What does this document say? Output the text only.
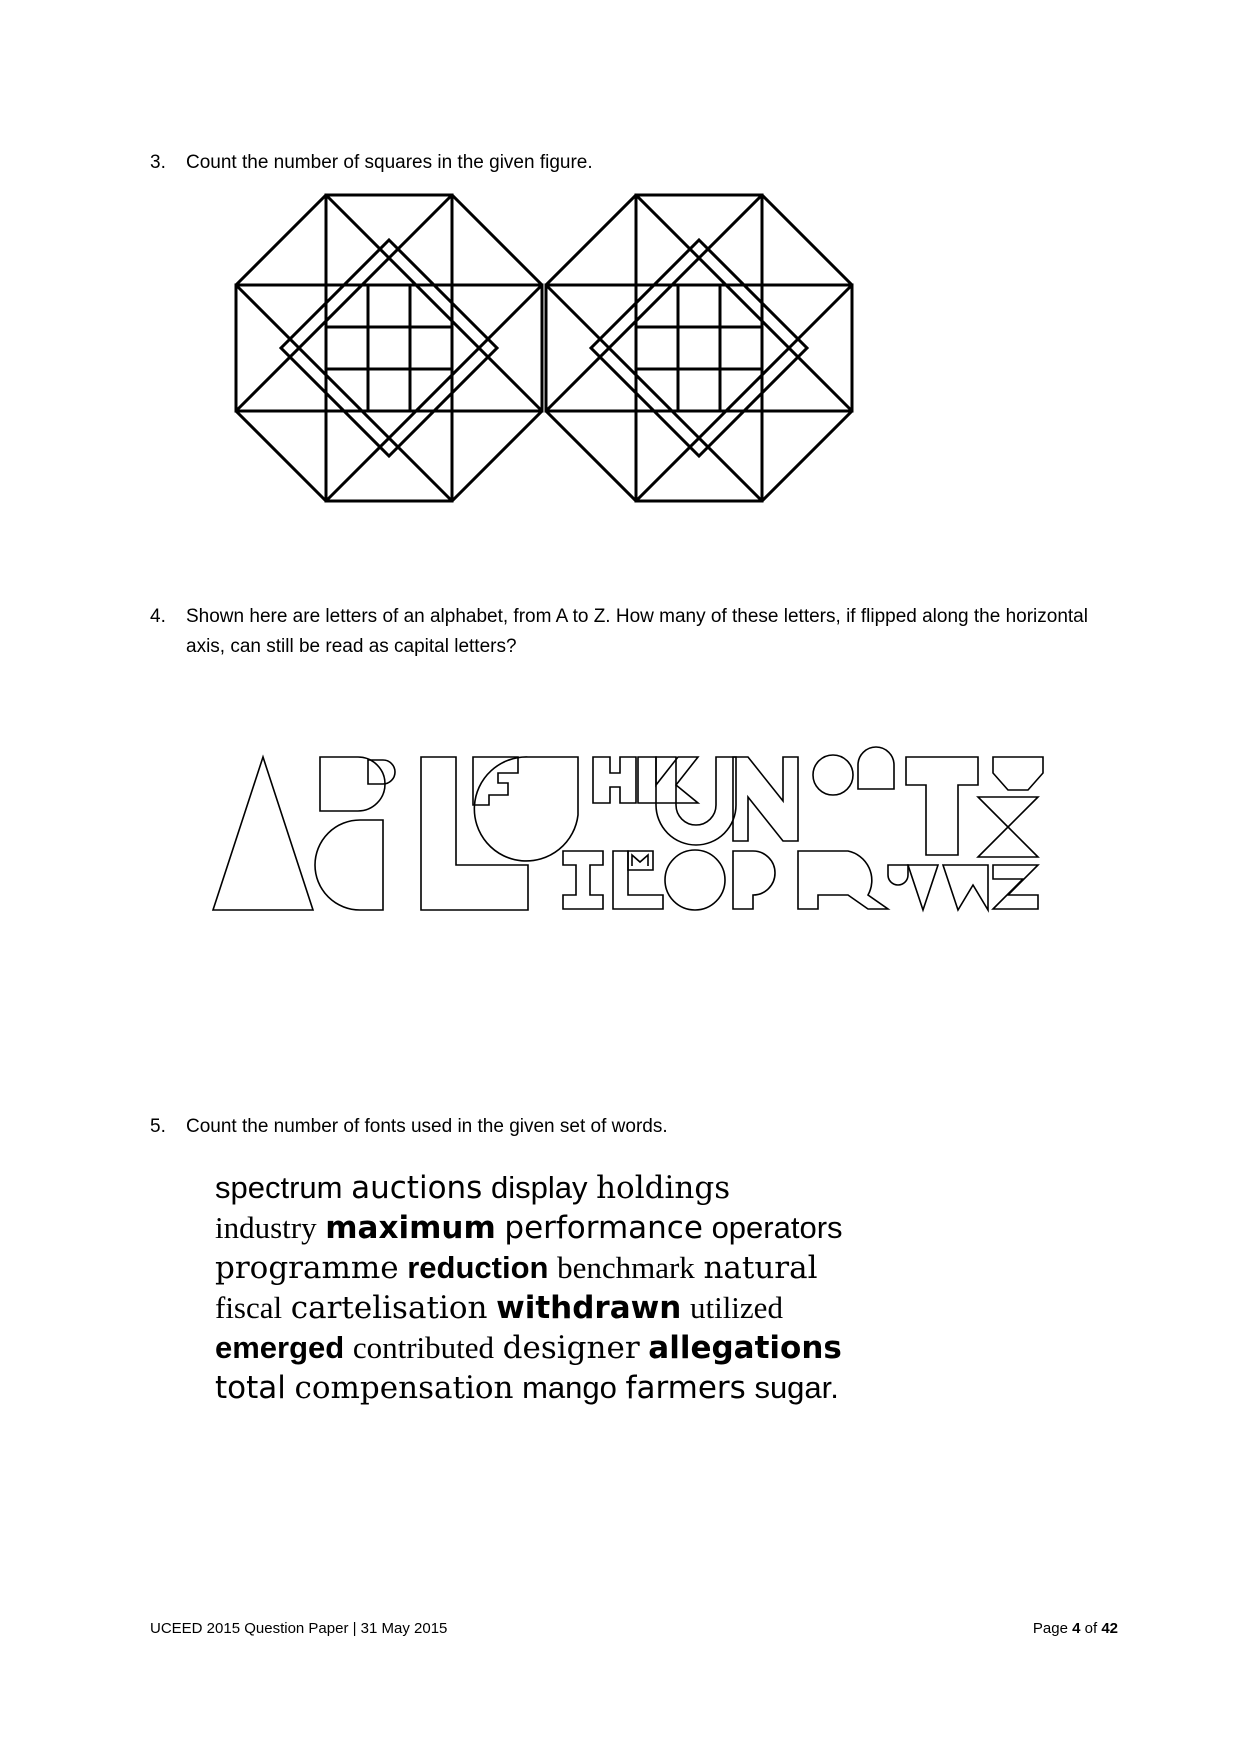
3. Count the number of squares in the given figure.
4. Shown here are letters of an alphabet, from A to Z. How many of these letters, if flipped along the horizontal axis, can still be read as capital letters?
5. Count the number of fonts used in the given set of words.
spectrum auctions display holdings
industry maximum performance operators
programme reduction benchmark natural
fiscal cartelisation withdrawn utilized
emerged contributed designer allegations
total compensation mango farmers sugar.
UCEED 2015 Question Paper | 31 May 2015	Page 4 of 42
